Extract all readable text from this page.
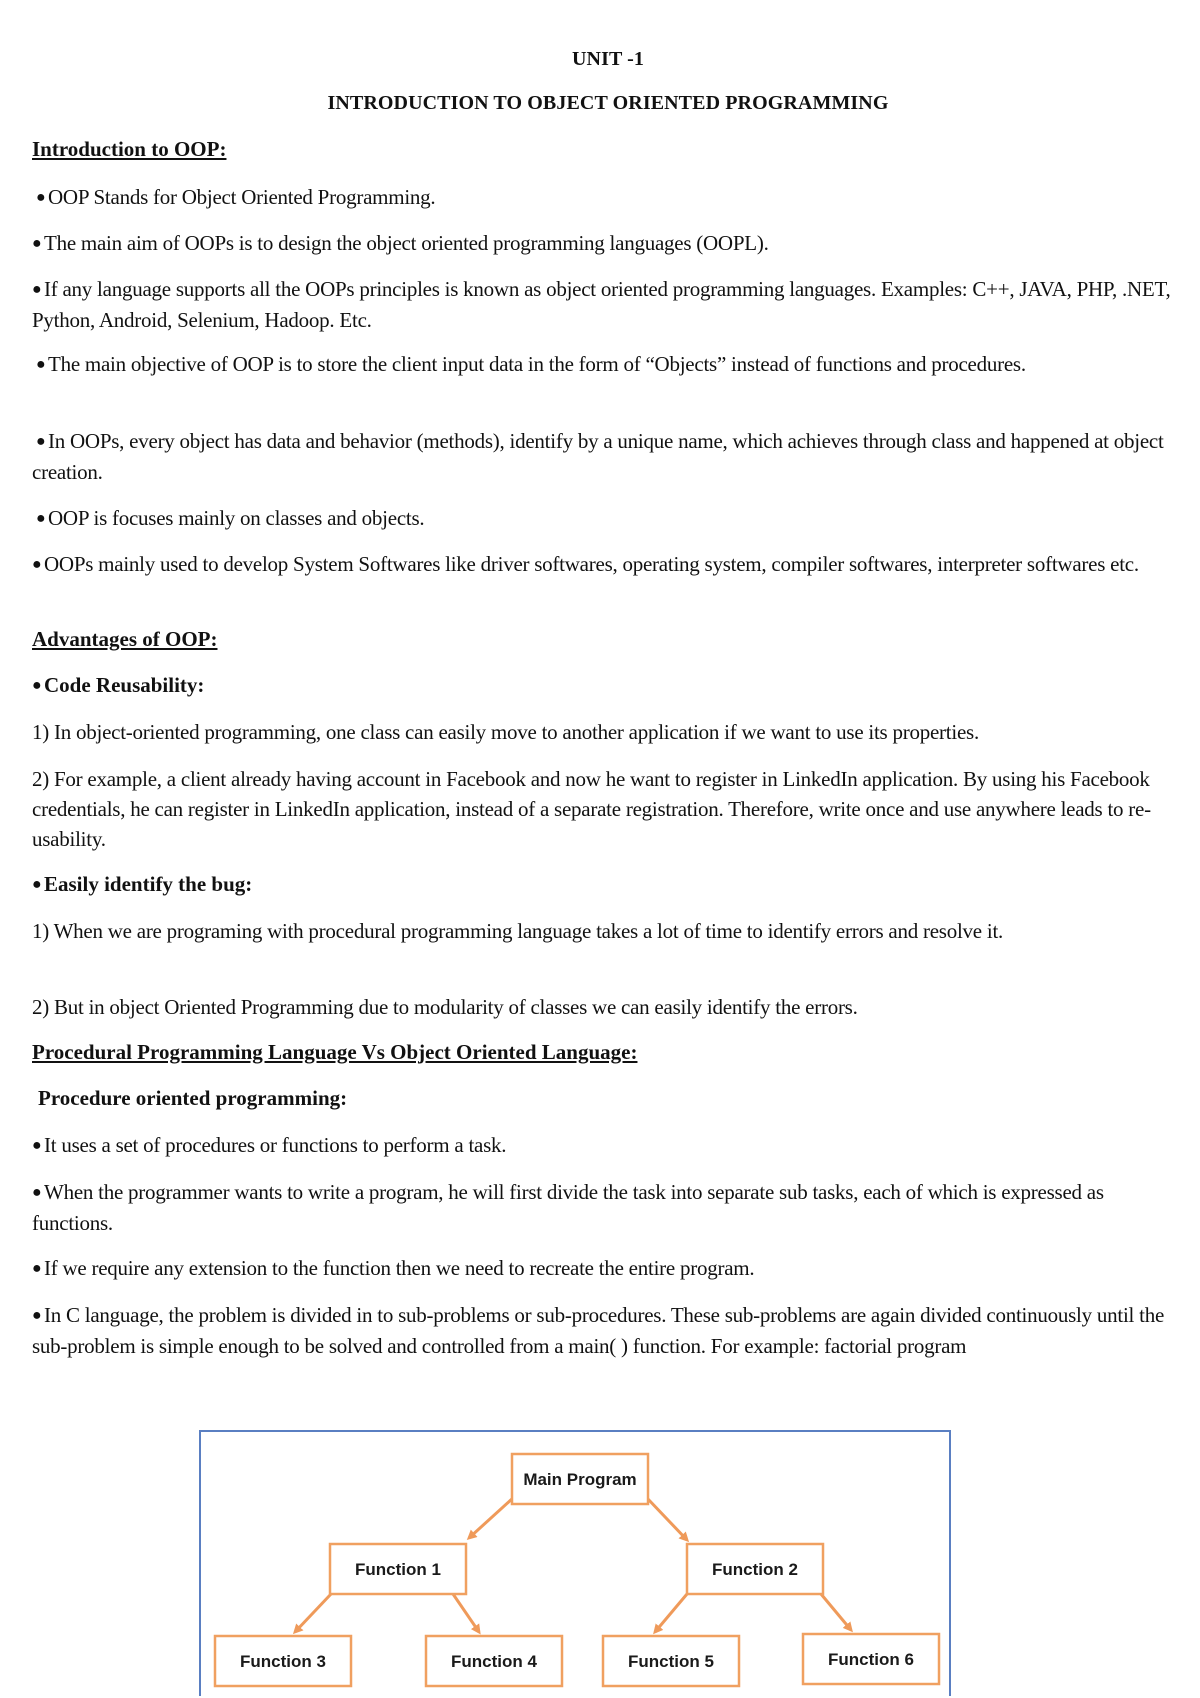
UNIT -1
INTRODUCTION TO OBJECT ORIENTED PROGRAMMING
Introduction to OOP:

● OOP Stands for Object Oriented Programming.

● The main aim of OOPs is to design the object oriented programming languages (OOPL).

● If any language supports all the OOPs principles is known as object oriented programming languages. Examples: C++, JAVA, PHP, .NET, Python, Android, Selenium, Hadoop. Etc.

● The main objective of OOP is to store the client input data in the form of “Objects” instead of functions and procedures.

● In OOPs, every object has data and behavior (methods), identify by a unique name, which achieves through class and happened at object creation.

● OOP is focuses mainly on classes and objects.

● OOPs mainly used to develop System Softwares like driver softwares, operating system, compiler softwares, interpreter softwares etc.

Advantages of OOP:
● Code Reusability:

1) In object-oriented programming, one class can easily move to another application if we want to use its properties.

2) For example, a client already having account in Facebook and now he want to register in LinkedIn application. By using his Facebook credentials, he can register in LinkedIn application, instead of a separate registration. Therefore, write once and use anywhere leads to re-usability.

● Easily identify the bug:

1) When we are programing with procedural programming language takes a lot of time to identify errors and resolve it.

2) But in object Oriented Programming due to modularity of classes we can easily identify the errors.

Procedural Programming Language Vs Object Oriented Language:
Procedure oriented programming:

● It uses a set of procedures or functions to perform a task.

● When the programmer wants to write a program, he will first divide the task into separate sub tasks, each of which is expressed as functions.

● If we require any extension to the function then we need to recreate the entire program.

● In C language, the problem is divided in to sub-problems or sub-procedures. These sub-problems are again divided continuously until the sub-problem is simple enough to be solved and controlled from a main( ) function. For example: factorial program

Main Program
Function 1	Function 2
Function 3	Function 4	Function 5	Function 6
